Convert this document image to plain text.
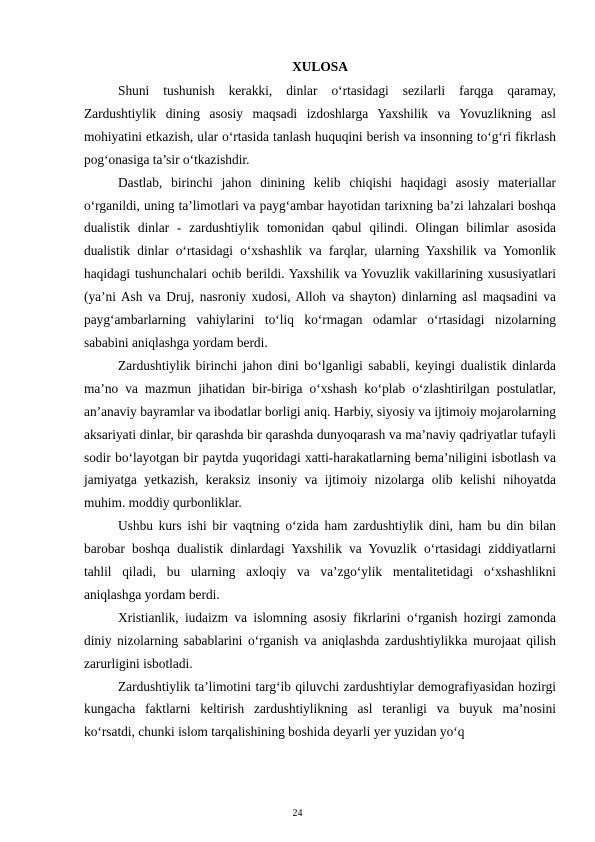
XULOSA

Shuni tushunish kerakki, dinlar o‘rtasidagi sezilarli farqga qaramay, Zardushtiylik dining asosiy maqsadi izdoshlarga Yaxshilik va Yovuzlikning asl mohiyatini etkazish, ular o‘rtasida tanlash huquqini berish va insonning to‘g‘ri fikrlash pog‘onasiga ta’sir o‘tkazishdir.

Dastlab, birinchi jahon dinining kelib chiqishi haqidagi asosiy materiallar o‘rganildi, uning ta’limotlari va payg‘ambar hayotidan tarixning ba’zi lahzalari boshqa dualistik dinlar - zardushtiylik tomonidan qabul qilindi. Olingan bilimlar asosida dualistik dinlar o‘rtasidagi o‘xshashlik va farqlar, ularning Yaxshilik va Yomonlik haqidagi tushunchalari ochib berildi. Yaxshilik va Yovuzlik vakillarining xususiyatlari (ya’ni Ash va Druj, nasroniy xudosi, Alloh va shayton) dinlarning asl maqsadini va payg‘ambarlarning vahiylarini to‘liq ko‘rmagan odamlar o‘rtasidagi nizolarning sababini aniqlashga yordam berdi.

Zardushtiylik birinchi jahon dini bo‘lganligi sababli, keyingi dualistik dinlarda ma’no va mazmun jihatidan bir-biriga o‘xshash ko‘plab o‘zlashtirilgan postulatlar, an’anaviy bayramlar va ibodatlar borligi aniq. Harbiy, siyosiy va ijtimoiy mojarolarning aksariyati dinlar, bir qarashda bir qarashda dunyoqarash va ma’naviy qadriyatlar tufayli sodir bo‘layotgan bir paytda yuqoridagi xatti-harakatlarning bema’niligini isbotlash va jamiyatga yetkazish, keraksiz insoniy va ijtimoiy nizolarga olib kelishi nihoyatda muhim. moddiy qurbonliklar.

Ushbu kurs ishi bir vaqtning o‘zida ham zardushtiylik dini, ham bu din bilan barobar boshqa dualistik dinlardagi Yaxshilik va Yovuzlik o‘rtasidagi ziddiyatlarni tahlil qiladi, bu ularning axloqiy va va’zgo‘ylik mentalitetidagi o‘xshashlikni aniqlashga yordam berdi.

Xristianlik, iudaizm va islomning asosiy fikrlarini o‘rganish hozirgi zamonda diniy nizolarning sabablarini o‘rganish va aniqlashda zardushtiylikka murojaat qilish zarurligini isbotladi.

Zardushtiylik ta’limotini targ‘ib qiluvchi zardushtiylar demografiyasidan hozirgi kungacha faktlarni keltirish zardushtiylikning asl teranligi va buyuk ma’nosini ko‘rsatdi, chunki islom tarqalishining boshida deyarli yer yuzidan yo‘q

24
